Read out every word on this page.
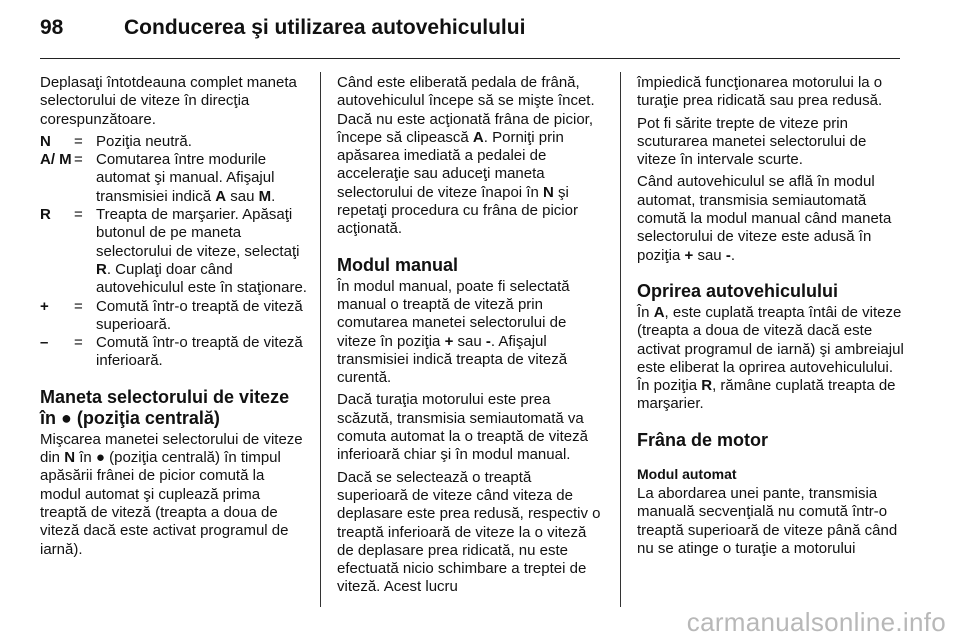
98	Conducerea şi utilizarea autovehiculului

Deplasaţi întotdeauna complet maneta selectorului de viteze în direcţia corespunzătoare.

N	= Poziţia neutră.
A/ M = Comutarea între modurile automat şi manual. Afişajul transmisiei indică A sau M.
R	= Treapta de marşarier. Apăsaţi butonul de pe maneta selectorului de viteze, selectaţi R. Cuplaţi doar când autovehiculul este în staţionare.
+	= Comută într-o treaptă de viteză superioară.
–	= Comută într-o treaptă de viteză inferioară.
Maneta selectorului de viteze în ● (poziţia centrală)

Mişcarea manetei selectorului de viteze din N în ● (poziţia centrală) în timpul apăsării frânei de picior comută la modul automat şi cuplează prima treaptă de viteză (treapta a doua de viteză dacă este activat programul de iarnă).

Când este eliberată pedala de frână, autovehiculul începe să se mişte încet. Dacă nu este acţionată frâna de picior, începe să clipească A. Porniţi prin apăsarea imediată a pedalei de acceleraţie sau aduceţi maneta selectorului de viteze înapoi în N şi repetaţi procedura cu frâna de picior acţionată.

Modul manual

În modul manual, poate fi selectată manual o treaptă de viteză prin comutarea manetei selectorului de viteze în poziţia + sau -. Afişajul transmisiei indică treapta de viteză curentă.

Dacă turaţia motorului este prea scăzută, transmisia semiautomată va comuta automat la o treaptă de viteză inferioară chiar şi în modul manual.

Dacă se selectează o treaptă superioară de viteze când viteza de deplasare este prea redusă, respectiv o treaptă inferioară de viteze la o viteză de deplasare prea ridicată, nu este efectuată nicio schimbare a treptei de viteză. Acest lucru

împiedică funcţionarea motorului la o turaţie prea ridicată sau prea redusă.

Pot fi sărite trepte de viteze prin scuturarea manetei selectorului de viteze în intervale scurte.

Când autovehiculul se află în modul automat, transmisia semiautomată comută la modul manual când maneta selectorului de viteze este adusă în poziţia + sau -.

Oprirea autovehiculului

În A, este cuplată treapta întâi de viteze (treapta a doua de viteză dacă este activat programul de iarnă) şi ambreiajul este eliberat la oprirea autovehiculului. În poziţia R, rămâne cuplată treapta de marşarier.

Frâna de motor
Modul automat

La abordarea unei pante, transmisia manuală secvenţială nu comută într-o treaptă superioară de viteze până când nu se atinge o turaţie a motorului

carmanualsonline.info
